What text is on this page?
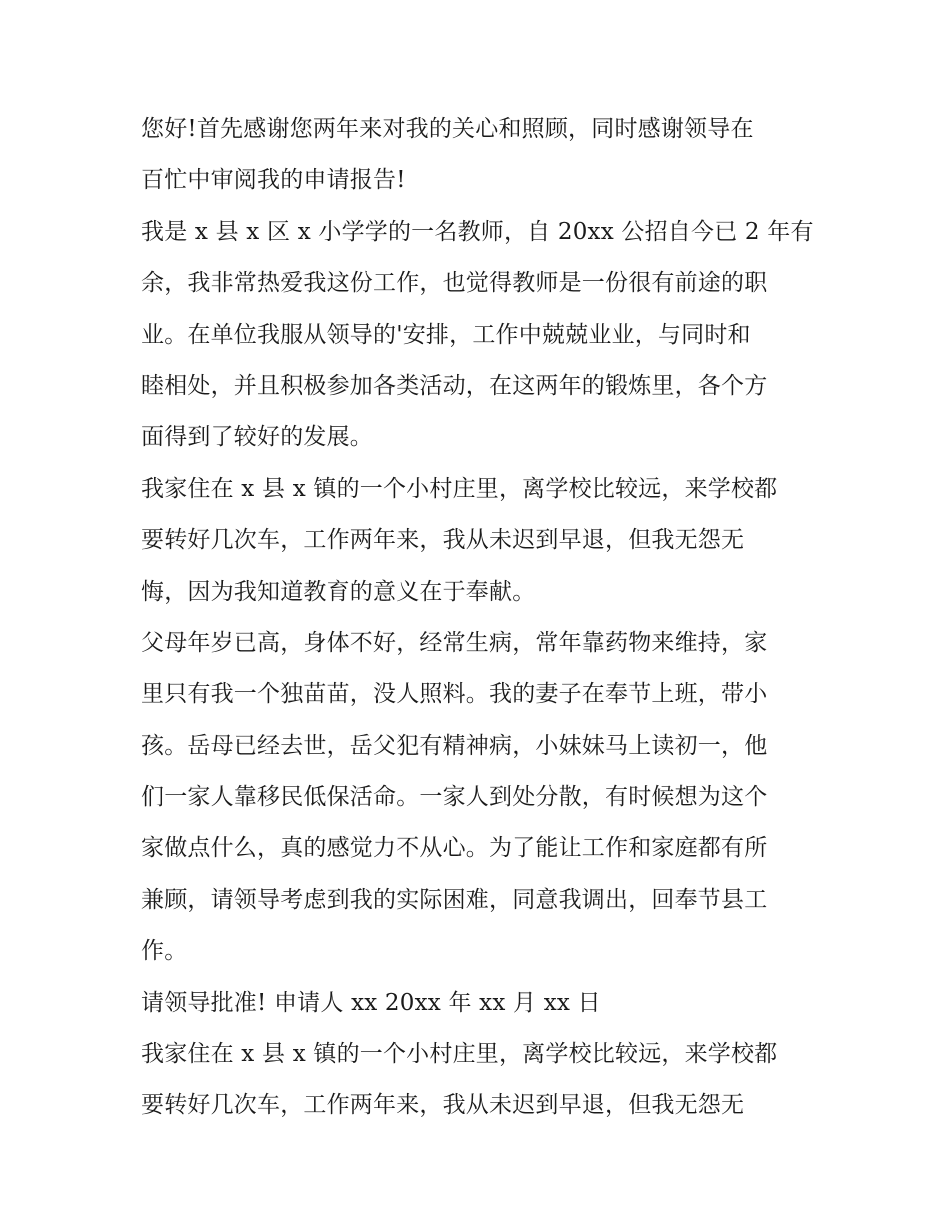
您好!首先感谢您两年来对我的关心和照顾，同时感谢领导在
百忙中审阅我的申请报告!
我是 x 县 x 区 x 小学学的一名教师，自 20xx 公招自今已 2 年有
余，我非常热爱我这份工作，也觉得教师是一份很有前途的职
业。在单位我服从领导的'安排，工作中兢兢业业，与同时和
睦相处，并且积极参加各类活动，在这两年的锻炼里，各个方
面得到了较好的发展。
我家住在 x 县 x 镇的一个小村庄里，离学校比较远，来学校都
要转好几次车，工作两年来，我从未迟到早退，但我无怨无
悔，因为我知道教育的意义在于奉献。
父母年岁已高，身体不好，经常生病，常年靠药物来维持，家
里只有我一个独苗苗，没人照料。我的妻子在奉节上班，带小
孩。岳母已经去世，岳父犯有精神病，小妹妹马上读初一，他
们一家人靠移民低保活命。一家人到处分散，有时候想为这个
家做点什么，真的感觉力不从心。为了能让工作和家庭都有所
兼顾，请领导考虑到我的实际困难，同意我调出，回奉节县工
作。
请领导批准! 申请人 xx 20xx 年 xx 月 xx 日
我家住在 x 县 x 镇的一个小村庄里，离学校比较远，来学校都
要转好几次车，工作两年来，我从未迟到早退，但我无怨无
